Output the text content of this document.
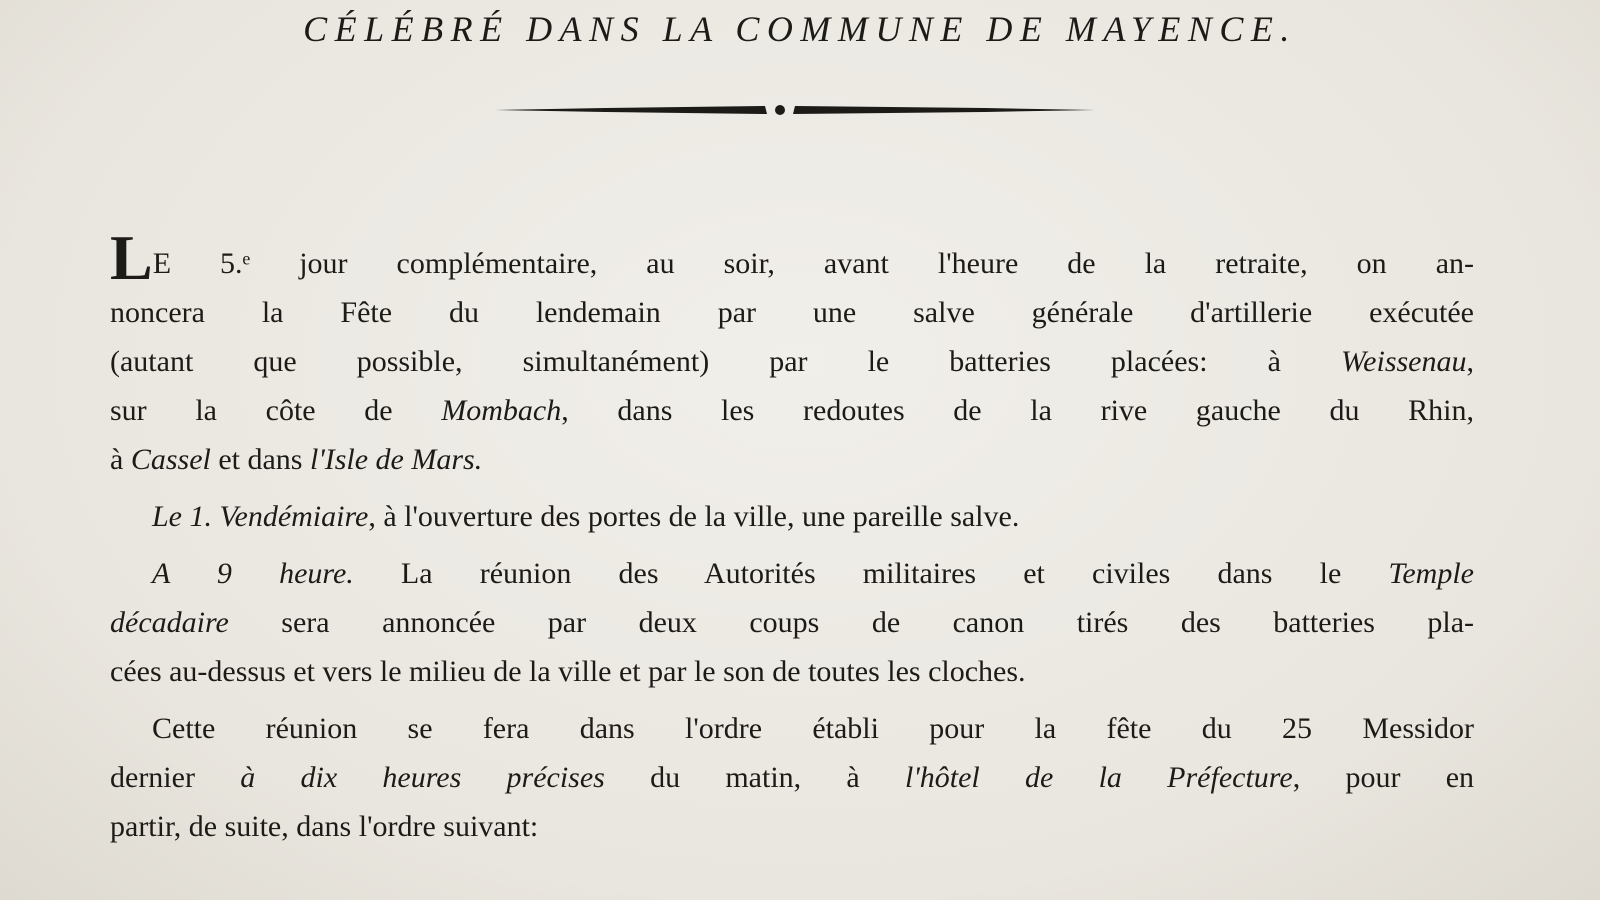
CÉLÉBRÉ DANS LA COMMUNE DE MAYENCE.
LE 5.ᵉ jour complémentaire, au soir, avant l'heure de la retraite, on an-
noncera la Fête du lendemain par une salve générale d'artillerie exécutée
(autant que possible, simultanément) par le batteries placées: à Weissenau,
sur la côte de Mombach, dans les redoutes de la rive gauche du Rhin,
à Cassel et dans l'Isle de Mars.
Le 1. Vendémiaire, à l'ouverture des portes de la ville, une pareille salve.
A 9 heure. La réunion des Autorités militaires et civiles dans le Temple
décadaire sera annoncée par deux coups de canon tirés des batteries pla-
cées au-dessus et vers le milieu de la ville et par le son de toutes les cloches.
Cette réunion se fera dans l'ordre établi pour la fête du 25 Messidor
dernier à dix heures précises du matin, à l'hôtel de la Préfecture, pour en
partir, de suite, dans l'ordre suivant:
